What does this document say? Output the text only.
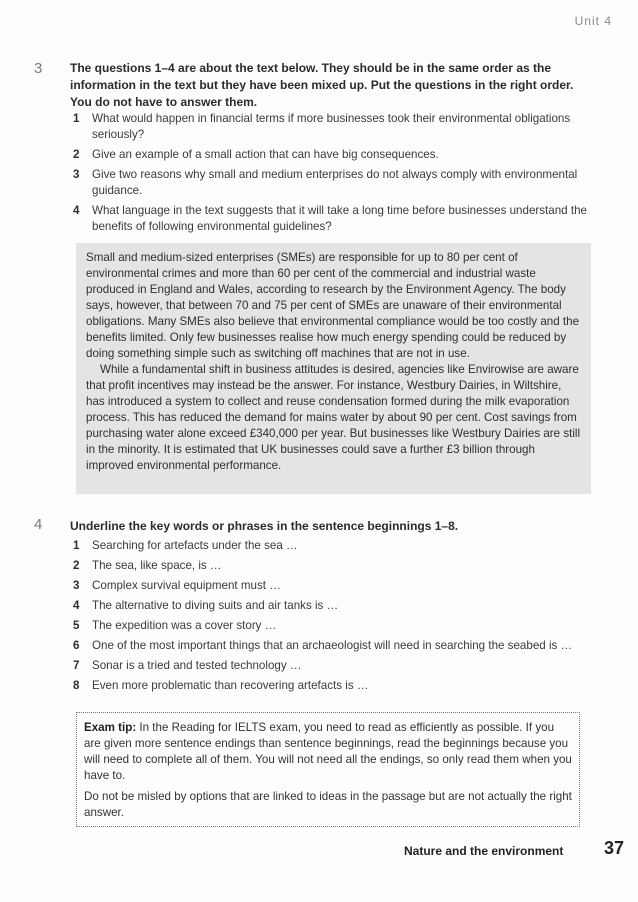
Unit 4
3 The questions 1–4 are about the text below. They should be in the same order as the information in the text but they have been mixed up. Put the questions in the right order. You do not have to answer them.
1 What would happen in financial terms if more businesses took their environmental obligations seriously?
2 Give an example of a small action that can have big consequences.
3 Give two reasons why small and medium enterprises do not always comply with environmental guidance.
4 What language in the text suggests that it will take a long time before businesses understand the benefits of following environmental guidelines?

Small and medium-sized enterprises (SMEs) are responsible for up to 80 per cent of environmental crimes and more than 60 per cent of the commercial and industrial waste produced in England and Wales, according to research by the Environment Agency. The body says, however, that between 70 and 75 per cent of SMEs are unaware of their environmental obligations. Many SMEs also believe that environmental compliance would be too costly and the benefits limited. Only few businesses realise how much energy spending could be reduced by doing something simple such as switching off machines that are not in use.

While a fundamental shift in business attitudes is desired, agencies like Envirowise are aware that profit incentives may instead be the answer. For instance, Westbury Dairies, in Wiltshire, has introduced a system to collect and reuse condensation formed during the milk evaporation process. This has reduced the demand for mains water by about 90 per cent. Cost savings from purchasing water alone exceed £340,000 per year. But businesses like Westbury Dairies are still in the minority. It is estimated that UK businesses could save a further £3 billion through improved environmental performance.

4 Underline the key words or phrases in the sentence beginnings 1–8.
1 Searching for artefacts under the sea …
2 The sea, like space, is …
3 Complex survival equipment must …
4 The alternative to diving suits and air tanks is …
5 The expedition was a cover story …
6 One of the most important things that an archaeologist will need in searching the seabed is …
7 Sonar is a tried and tested technology …
8 Even more problematic than recovering artefacts is …

Exam tip: In the Reading for IELTS exam, you need to read as efficiently as possible. If you are given more sentence endings than sentence beginnings, read the beginnings because you will need to complete all of them. You will not need all the endings, so only read them when you have to.

Do not be misled by options that are linked to ideas in the passage but are not actually the right answer.

Nature and the environment 37
